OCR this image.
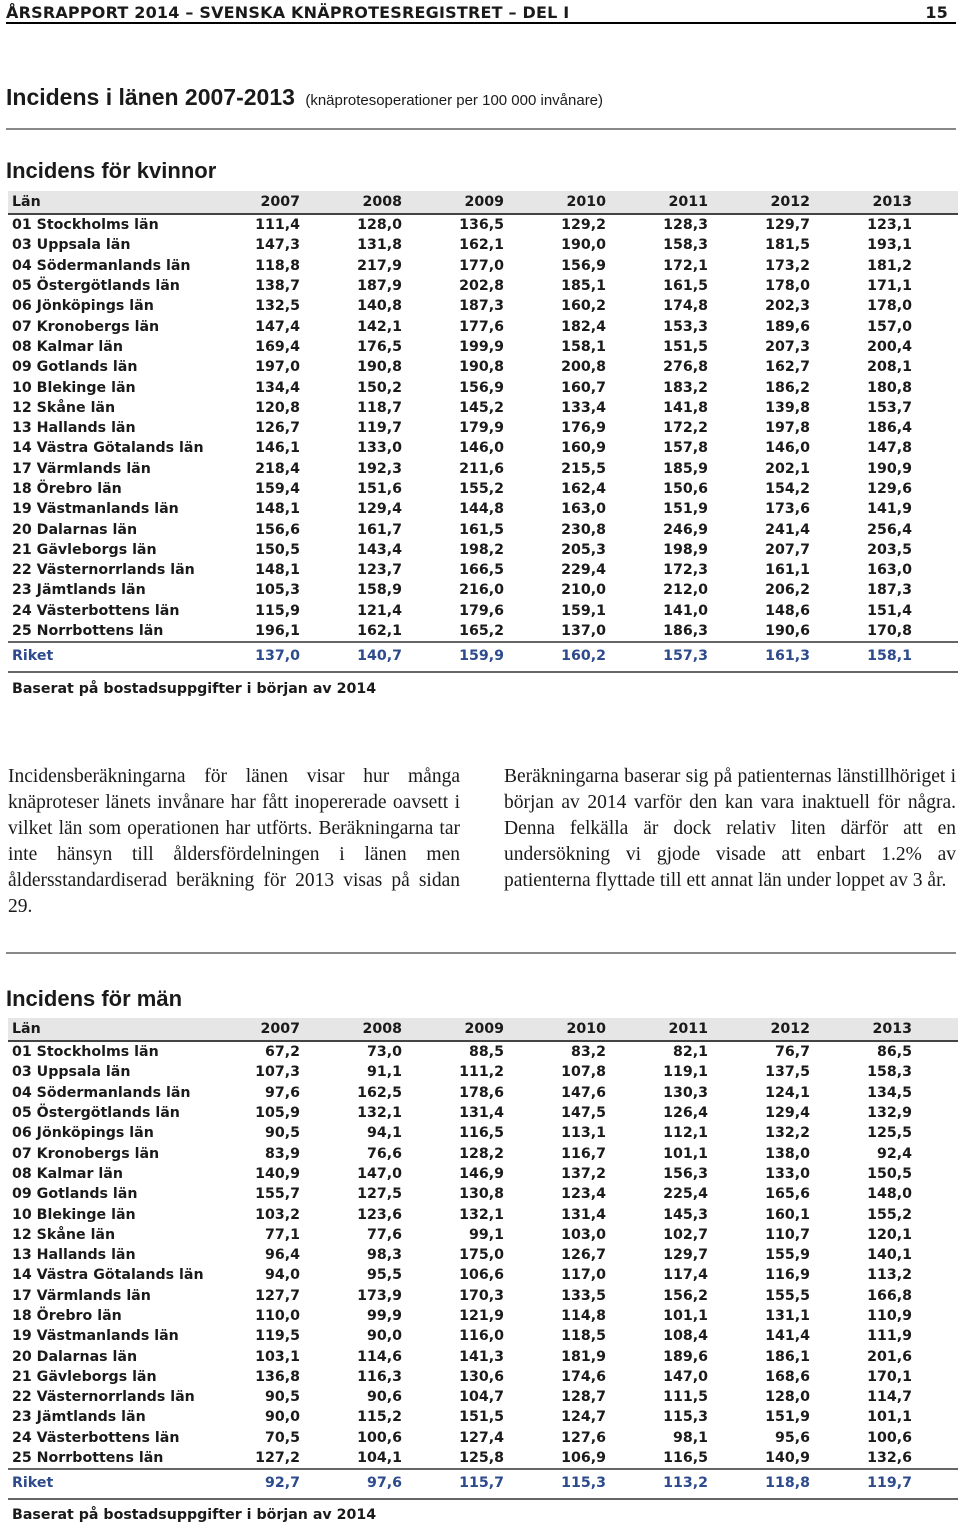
ÅRSRAPPORT 2014 – SVENSKA KNÄPROTESREGISTRET – DEL I	15
Incidens i länen 2007-2013 (knäprotesoperationer per 100 000 invånare)
Incidens för kvinnor
Län	2007	2008	2009	2010	2011	2012	2013
01 Stockholms län	111,4	128,0	136,5	129,2	128,3	129,7	123,1
03 Uppsala län	147,3	131,8	162,1	190,0	158,3	181,5	193,1
04 Södermanlands län	118,8	217,9	177,0	156,9	172,1	173,2	181,2
05 Östergötlands län	138,7	187,9	202,8	185,1	161,5	178,0	171,1
06 Jönköpings län	132,5	140,8	187,3	160,2	174,8	202,3	178,0
07 Kronobergs län	147,4	142,1	177,6	182,4	153,3	189,6	157,0
08 Kalmar län	169,4	176,5	199,9	158,1	151,5	207,3	200,4
09 Gotlands län	197,0	190,8	190,8	200,8	276,8	162,7	208,1
10 Blekinge län	134,4	150,2	156,9	160,7	183,2	186,2	180,8
12 Skåne län	120,8	118,7	145,2	133,4	141,8	139,8	153,7
13 Hallands län	126,7	119,7	179,9	176,9	172,2	197,8	186,4
14 Västra Götalands län	146,1	133,0	146,0	160,9	157,8	146,0	147,8
17 Värmlands län	218,4	192,3	211,6	215,5	185,9	202,1	190,9
18 Örebro län	159,4	151,6	155,2	162,4	150,6	154,2	129,6
19 Västmanlands län	148,1	129,4	144,8	163,0	151,9	173,6	141,9
20 Dalarnas län	156,6	161,7	161,5	230,8	246,9	241,4	256,4
21 Gävleborgs län	150,5	143,4	198,2	205,3	198,9	207,7	203,5
22 Västernorrlands län	148,1	123,7	166,5	229,4	172,3	161,1	163,0
23 Jämtlands län	105,3	158,9	216,0	210,0	212,0	206,2	187,3
24 Västerbottens län	115,9	121,4	179,6	159,1	141,0	148,6	151,4
25 Norrbottens län	196,1	162,1	165,2	137,0	186,3	190,6	170,8
Riket	137,0	140,7	159,9	160,2	157,3	161,3	158,1
Baserat på bostadsuppgifter i början av 2014

Incidensberäkningarna för länen visar hur många knäproteser länets invånare har fått inopererade oavsett i vilket län som operationen har utförts. Beräkningarna tar inte hänsyn till åldersfördelningen i länen men åldersstandardiserad beräkning för 2013 visas på sidan 29.

Beräkningarna baserar sig på patienternas länstillhöriget i början av 2014 varför den kan vara inaktuell för några. Denna felkälla är dock relativ liten därför att en undersökning vi gjode visade att enbart 1.2% av patienterna flyttade till ett annat län under loppet av 3 år.

Incidens för män
Län	2007	2008	2009	2010	2011	2012	2013
01 Stockholms län	67,2	73,0	88,5	83,2	82,1	76,7	86,5
03 Uppsala län	107,3	91,1	111,2	107,8	119,1	137,5	158,3
04 Södermanlands län	97,6	162,5	178,6	147,6	130,3	124,1	134,5
05 Östergötlands län	105,9	132,1	131,4	147,5	126,4	129,4	132,9
06 Jönköpings län	90,5	94,1	116,5	113,1	112,1	132,2	125,5
07 Kronobergs län	83,9	76,6	128,2	116,7	101,1	138,0	92,4
08 Kalmar län	140,9	147,0	146,9	137,2	156,3	133,0	150,5
09 Gotlands län	155,7	127,5	130,8	123,4	225,4	165,6	148,0
10 Blekinge län	103,2	123,6	132,1	131,4	145,3	160,1	155,2
12 Skåne län	77,1	77,6	99,1	103,0	102,7	110,7	120,1
13 Hallands län	96,4	98,3	175,0	126,7	129,7	155,9	140,1
14 Västra Götalands län	94,0	95,5	106,6	117,0	117,4	116,9	113,2
17 Värmlands län	127,7	173,9	170,3	133,5	156,2	155,5	166,8
18 Örebro län	110,0	99,9	121,9	114,8	101,1	131,1	110,9
19 Västmanlands län	119,5	90,0	116,0	118,5	108,4	141,4	111,9
20 Dalarnas län	103,1	114,6	141,3	181,9	189,6	186,1	201,6
21 Gävleborgs län	136,8	116,3	130,6	174,6	147,0	168,6	170,1
22 Västernorrlands län	90,5	90,6	104,7	128,7	111,5	128,0	114,7
23 Jämtlands län	90,0	115,2	151,5	124,7	115,3	151,9	101,1
24 Västerbottens län	70,5	100,6	127,4	127,6	98,1	95,6	100,6
25 Norrbottens län	127,2	104,1	125,8	106,9	116,5	140,9	132,6
Riket	92,7	97,6	115,7	115,3	113,2	118,8	119,7
Baserat på bostadsuppgifter i början av 2014
